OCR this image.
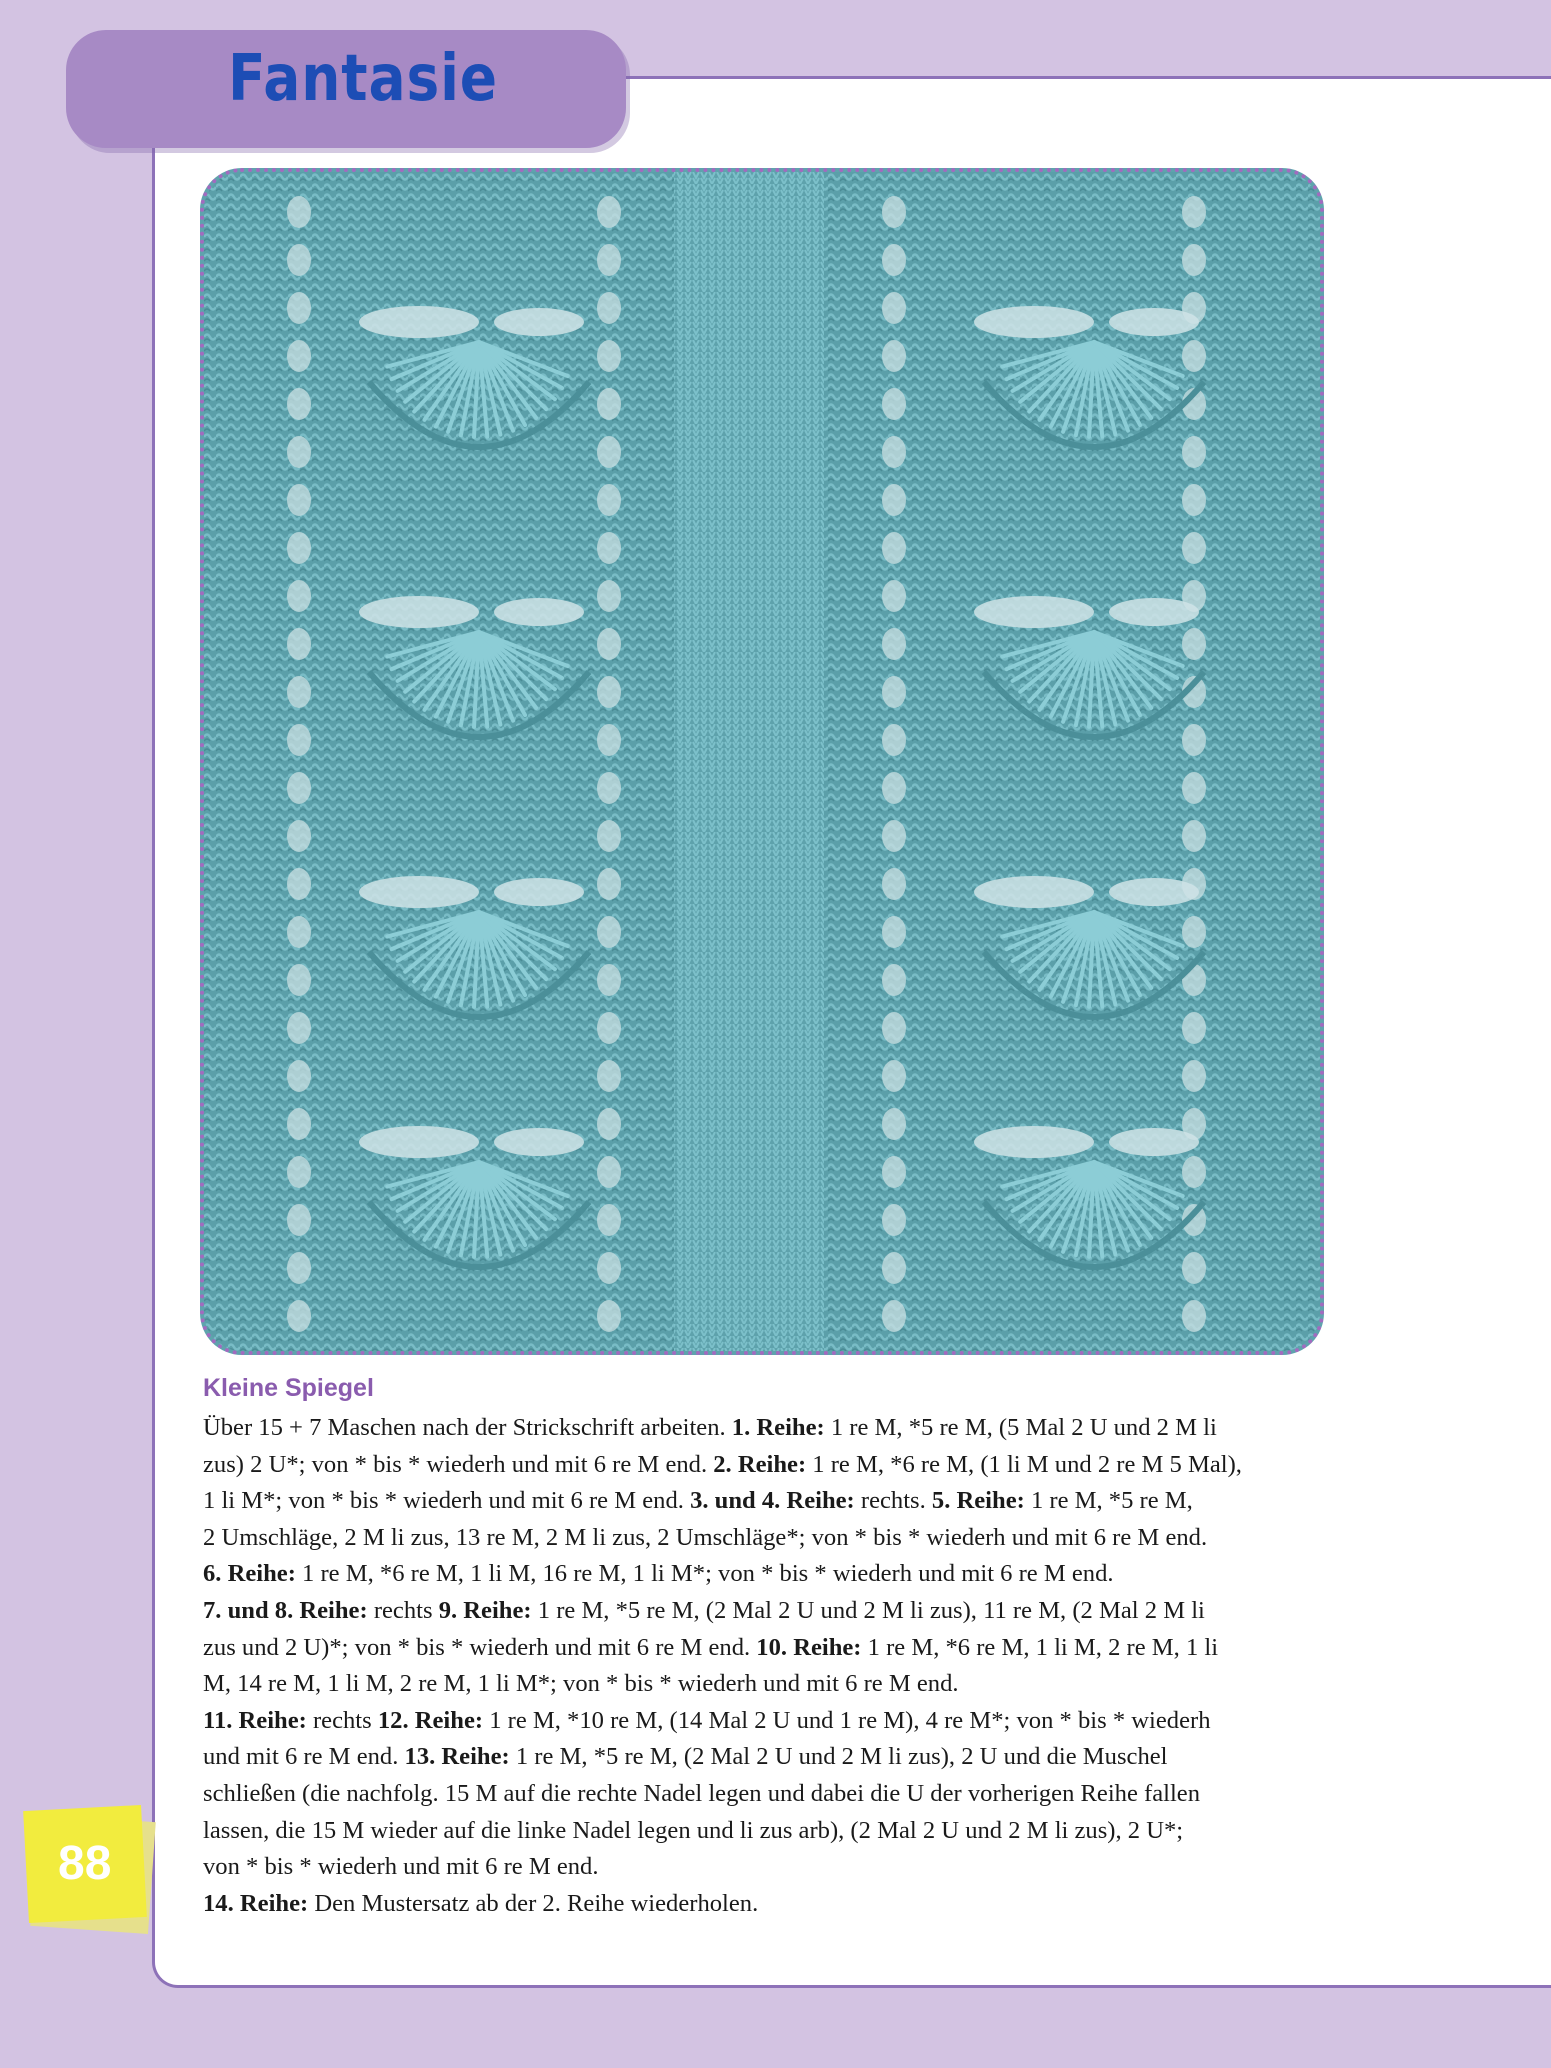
Fantasie
Kleine Spiegel
Über 15 + 7 Maschen nach der Strickschrift arbeiten. 1. Reihe: 1 re M, *5 re M, (5 Mal 2 U und 2 M li
zus) 2 U*; von * bis * wiederh und mit 6 re M end. 2. Reihe: 1 re M, *6 re M, (1 li M und 2 re M 5 Mal),
1 li M*; von * bis * wiederh und mit 6 re M end. 3. und 4. Reihe: rechts. 5. Reihe: 1 re M, *5 re M,
2 Umschläge, 2 M li zus, 13 re M, 2 M li zus, 2 Umschläge*; von * bis * wiederh und mit 6 re M end.
6. Reihe: 1 re M, *6 re M, 1 li M, 16 re M, 1 li M*; von * bis * wiederh und mit 6 re M end.
7. und 8. Reihe: rechts 9. Reihe: 1 re M, *5 re M, (2 Mal 2 U und 2 M li zus), 11 re M, (2 Mal 2 M li
zus und 2 U)*; von * bis * wiederh und mit 6 re M end. 10. Reihe: 1 re M, *6 re M, 1 li M, 2 re M, 1 li
M, 14 re M, 1 li M, 2 re M, 1 li M*; von * bis * wiederh und mit 6 re M end.
11. Reihe: rechts 12. Reihe: 1 re M, *10 re M, (14 Mal 2 U und 1 re M), 4 re M*; von * bis * wiederh
und mit 6 re M end. 13. Reihe: 1 re M, *5 re M, (2 Mal 2 U und 2 M li zus), 2 U und die Muschel
schließen (die nachfolg. 15 M auf die rechte Nadel legen und dabei die U der vorherigen Reihe fallen
lassen, die 15 M wieder auf die linke Nadel legen und li zus arb), (2 Mal 2 U und 2 M li zus), 2 U*;
von * bis * wiederh und mit 6 re M end.
14. Reihe: Den Mustersatz ab der 2. Reihe wiederholen.
88
